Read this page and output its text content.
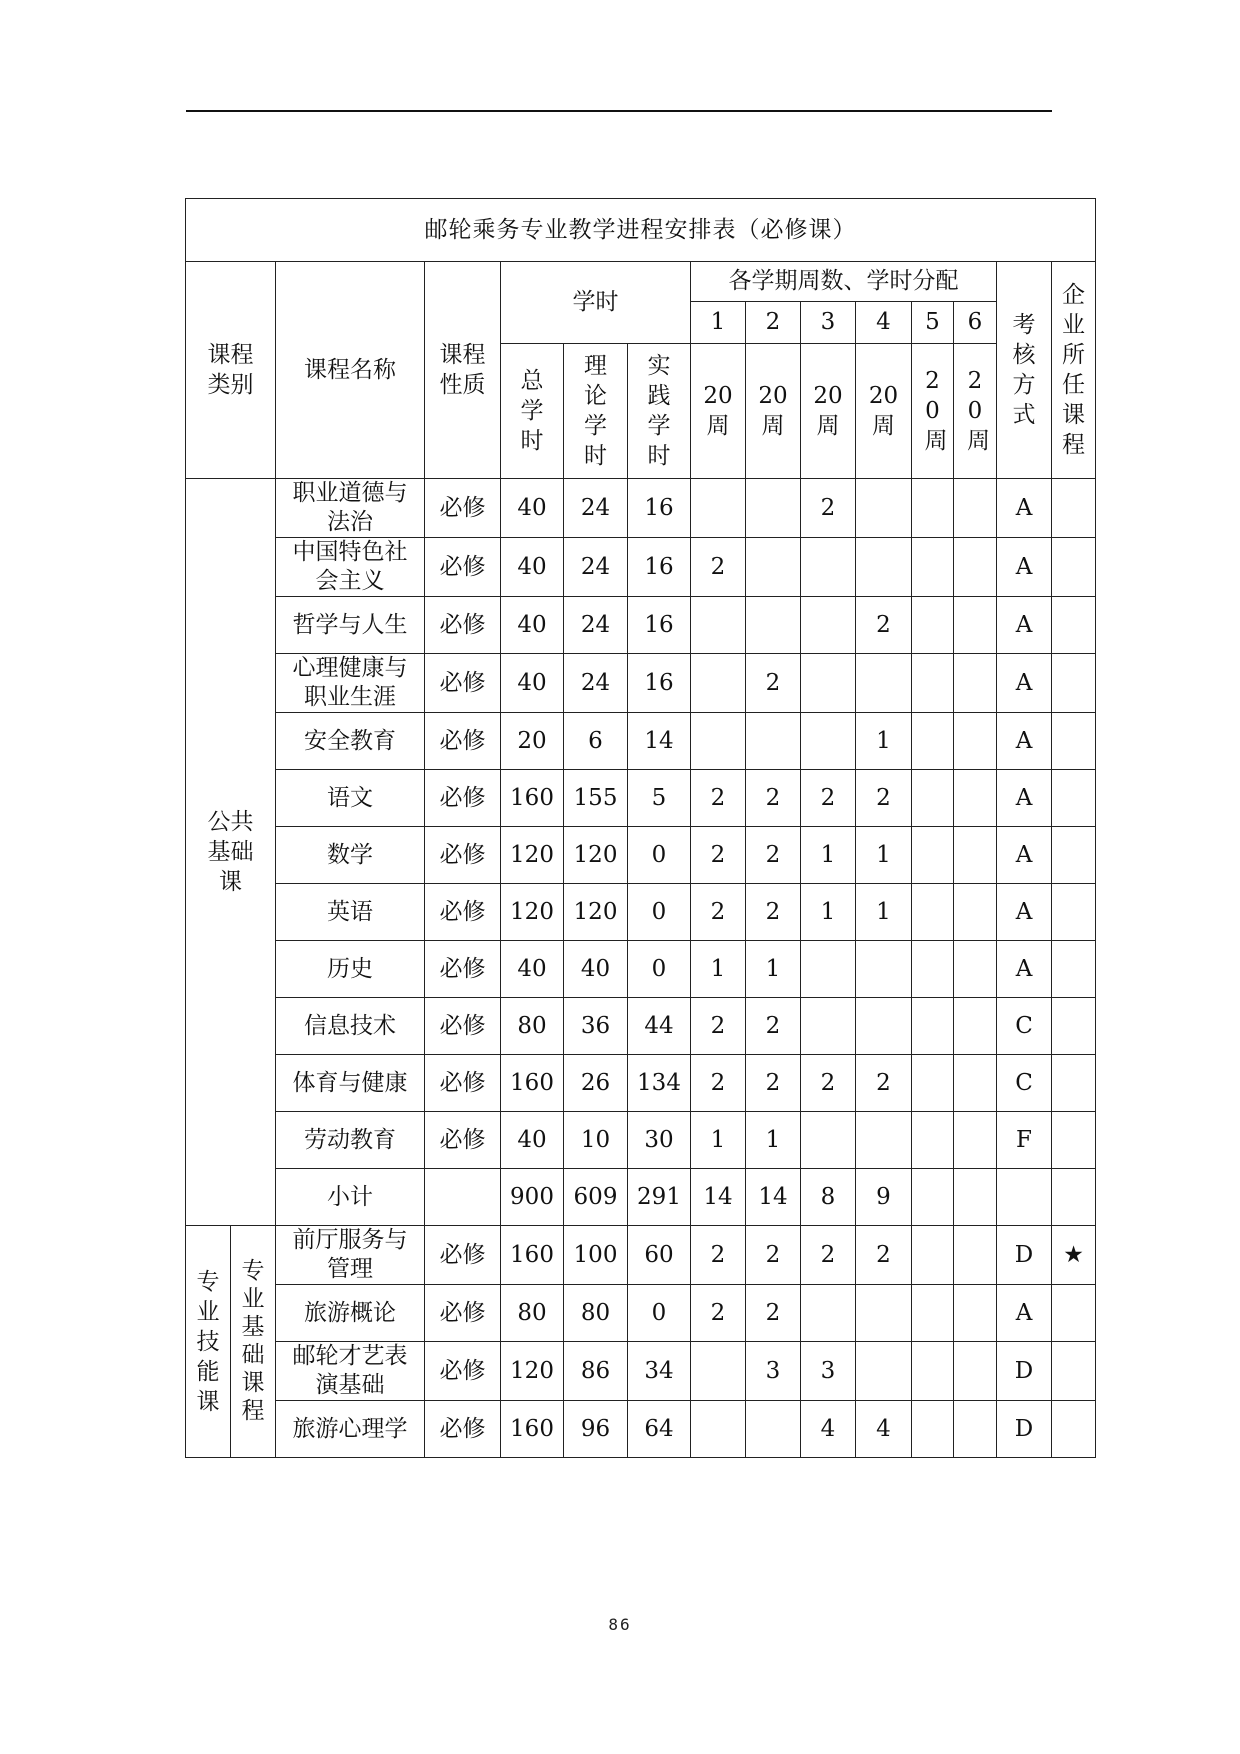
邮轮乘务专业教学进程安排表（必修课）														
课程类别		课程名称	课程性质	学时			各学期周数、学时分配						考核方式	企业所任课程
							1	2	3	4	5	6		
				总学时	理论学时	实践学时	20周	20周	20周	20周	20周	20周		
公共基础课		职业道德与法治	必修	40	24	16			2				A	
		中国特色社会主义	必修	40	24	16	2						A	
		哲学与人生	必修	40	24	16				2			A	
		心理健康与职业生涯	必修	40	24	16		2					A	
		安全教育	必修	20	6	14				1			A	
		语文	必修	160	155	5	2	2	2	2			A	
		数学	必修	120	120	0	2	2	1	1			A	
		英语	必修	120	120	0	2	2	1	1			A	
		历史	必修	40	40	0	1	1					A	
		信息技术	必修	80	36	44	2	2					C	
		体育与健康	必修	160	26	134	2	2	2	2			C	
		劳动教育	必修	40	10	30	1	1					F	
		小计		900	609	291	14	14	8	9				
专业技能课	专业基础课程	前厅服务与管理	必修	160	100	60	2	2	2	2			D	★
		旅游概论	必修	80	80	0	2	2					A	
		邮轮才艺表演基础	必修	120	86	34		3	3				D	
		旅游心理学	必修	160	96	64			4	4			D	
86
